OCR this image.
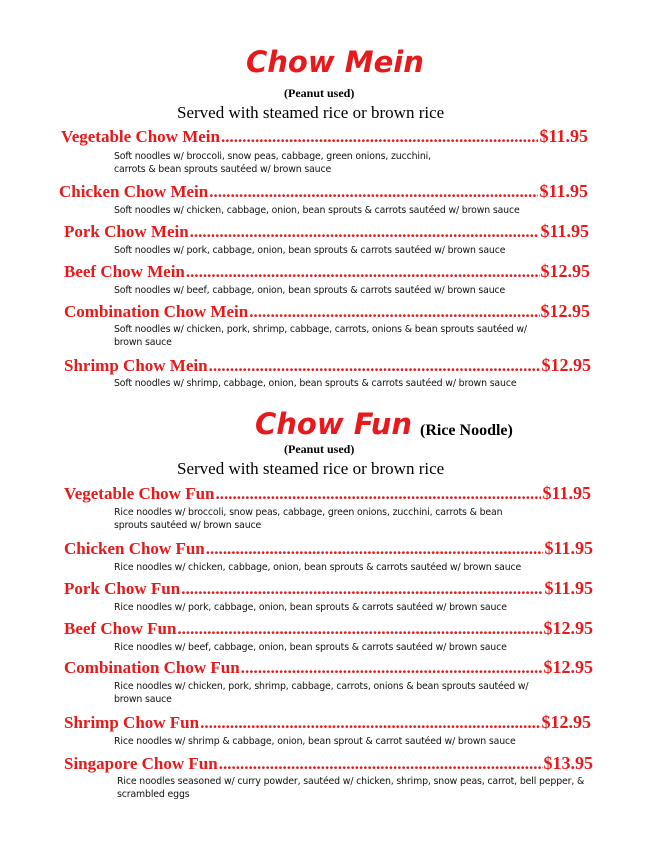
Chow Mein
(Peanut used)
Served with steamed rice or brown rice
Vegetable Chow Mein .....	$11.95
Soft noodles w/ broccoli, snow peas, cabbage, green onions, zucchini, carrots & bean sprouts sautéed w/ brown sauce
Chicken Chow Mein .....	$11.95
Soft noodles w/ chicken, cabbage, onion, bean sprouts & carrots sautéed w/ brown sauce
Pork Chow Mein .....	$11.95
Soft noodles w/ pork, cabbage, onion, bean sprouts & carrots sautéed w/ brown sauce
Beef Chow Mein .....	$12.95
Soft noodles w/ beef, cabbage, onion, bean sprouts & carrots sautéed w/ brown sauce
Combination Chow Mein .....	$12.95
Soft noodles w/ chicken, pork, shrimp, cabbage, carrots, onions & bean sprouts sautéed w/ brown sauce
Shrimp Chow Mein .....	$12.95
Soft noodles w/ shrimp, cabbage, onion, bean sprouts & carrots sautéed w/ brown sauce
Chow Fun (Rice Noodle)
(Peanut used)
Served with steamed rice or brown rice
Vegetable Chow Fun .....	$11.95
Rice noodles w/ broccoli, snow peas, cabbage, green onions, zucchini, carrots & bean sprouts sautéed w/ brown sauce
Chicken Chow Fun .....	$11.95
Rice noodles w/ chicken, cabbage, onion, bean sprouts & carrots sautéed w/ brown sauce
Pork Chow Fun .....	$11.95
Rice noodles w/ pork, cabbage, onion, bean sprouts & carrots sautéed w/ brown sauce
Beef Chow Fun .....	$12.95
Rice noodles w/ beef, cabbage, onion, bean sprouts & carrots sautéed w/ brown sauce
Combination Chow Fun .....	$12.95
Rice noodles w/ chicken, pork, shrimp, cabbage, carrots, onions & bean sprouts sautéed w/ brown sauce
Shrimp Chow Fun .....	$12.95
Rice noodles w/ shrimp & cabbage, onion, bean sprout & carrot sautéed w/ brown sauce
Singapore Chow Fun .....	$13.95
Rice noodles seasoned w/ curry powder, sautéed w/ chicken, shrimp, snow peas, carrot, bell pepper, & scrambled eggs
